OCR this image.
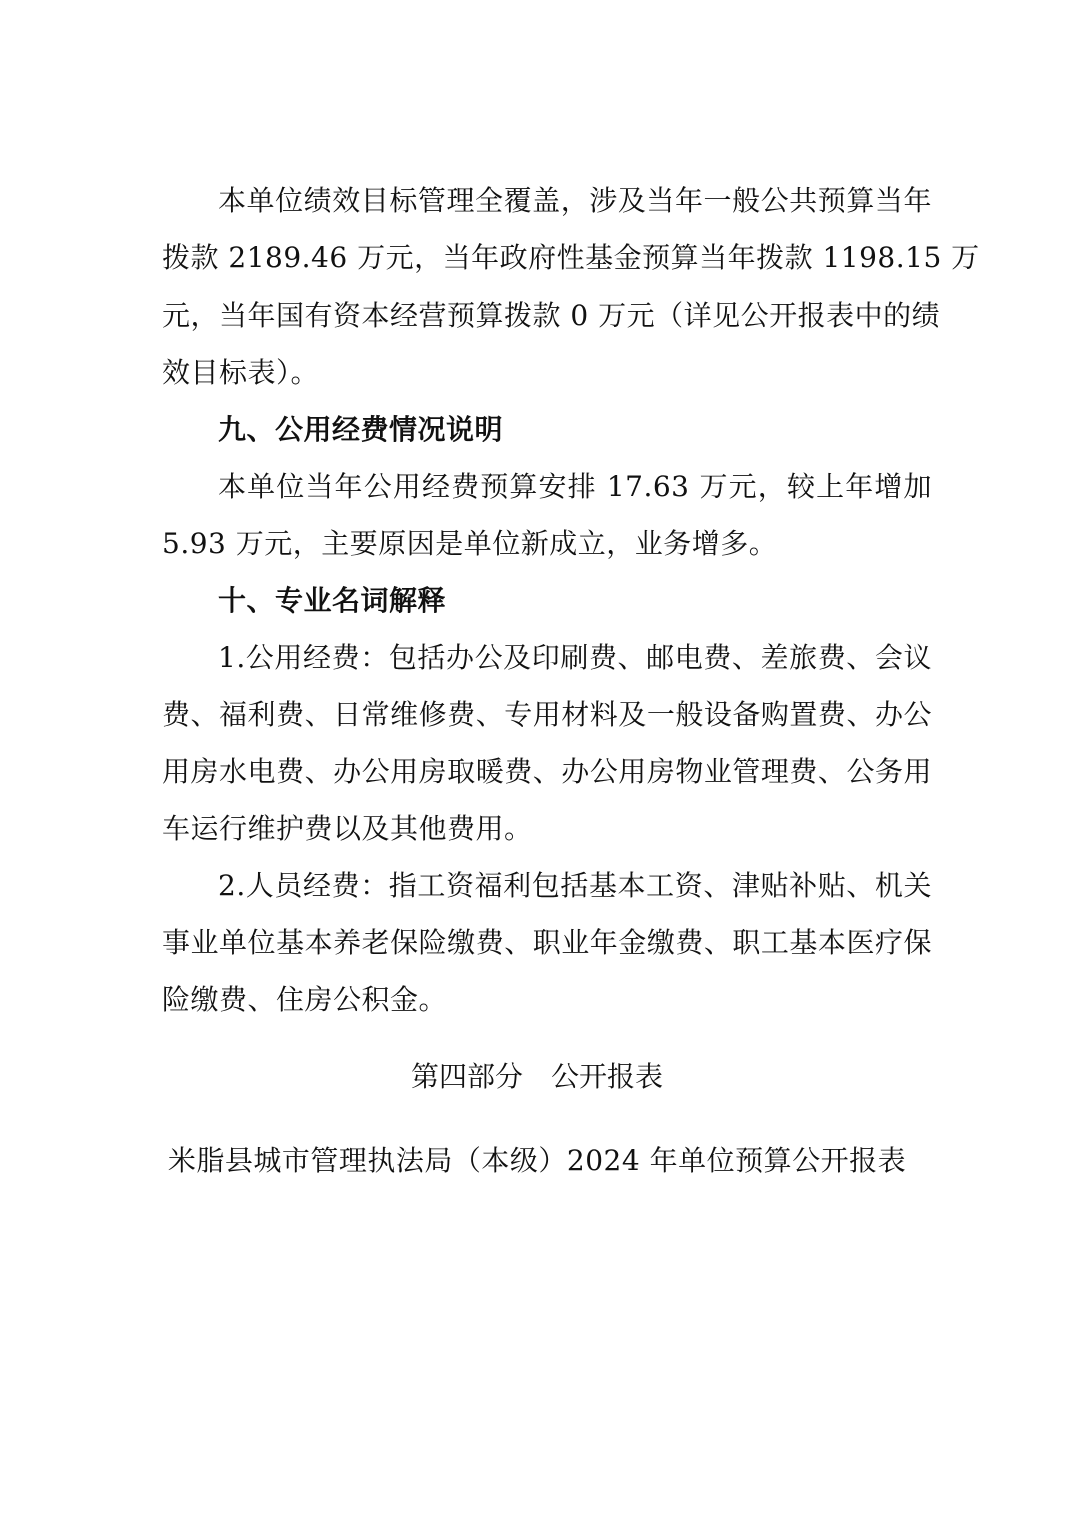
本单位绩效目标管理全覆盖，涉及当年一般公共预算当年
拨款 2189.46 万元，当年政府性基金预算当年拨款 1198.15 万
元，当年国有资本经营预算拨款 0 万元（详见公开报表中的绩
效目标表）。
九、公用经费情况说明
本单位当年公用经费预算安排 17.63 万元，较上年增加
5.93 万元，主要原因是单位新成立，业务增多。
十、专业名词解释
1.公用经费：包括办公及印刷费、邮电费、差旅费、会议
费、福利费、日常维修费、专用材料及一般设备购置费、办公
用房水电费、办公用房取暖费、办公用房物业管理费、公务用
车运行维护费以及其他费用。
2.人员经费：指工资福利包括基本工资、津贴补贴、机关
事业单位基本养老保险缴费、职业年金缴费、职工基本医疗保
险缴费、住房公积金。
第四部分　公开报表
米脂县城市管理执法局（本级）2024 年单位预算公开报表
